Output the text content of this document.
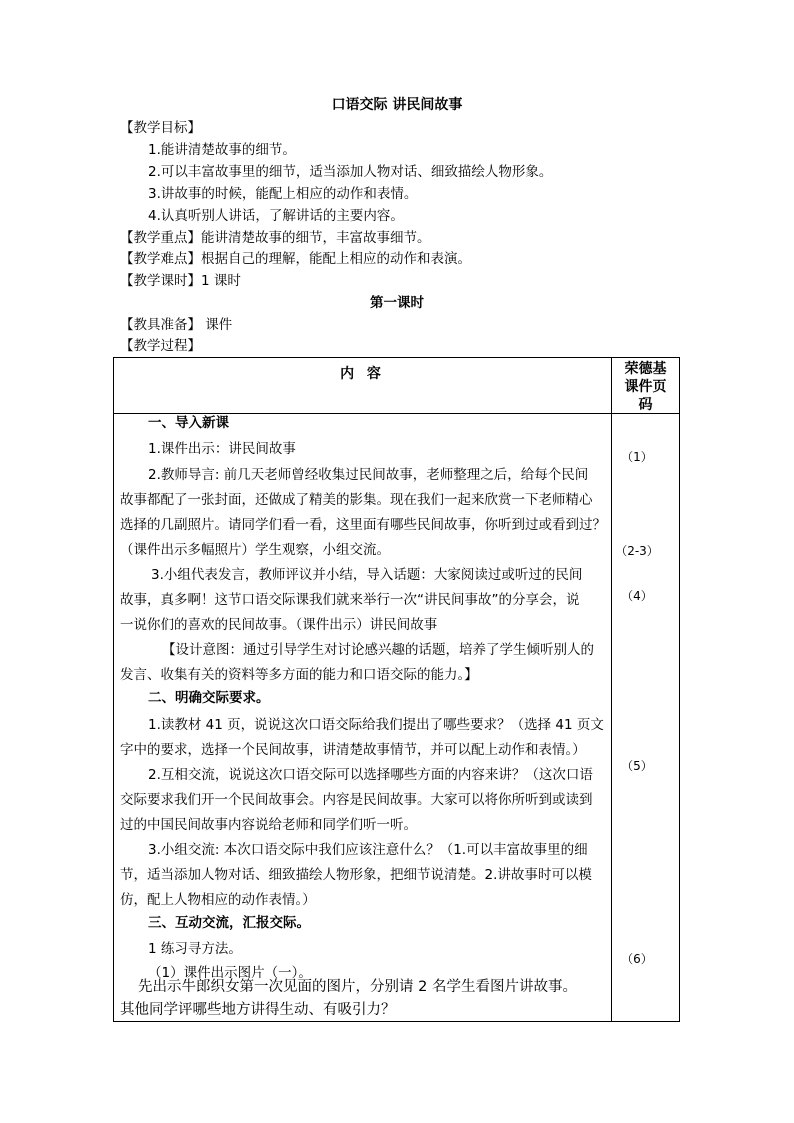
口语交际 讲民间故事
【教学目标】
1.能讲清楚故事的细节。
2.可以丰富故事里的细节，适当添加人物对话、细致描绘人物形象。
3.讲故事的时候，能配上相应的动作和表情。
4.认真听别人讲话，了解讲话的主要内容。
【教学重点】能讲清楚故事的细节，丰富故事细节。
【教学难点】根据自己的理解，能配上相应的动作和表演。
【教学课时】1 课时
第一课时
【教具准备】 课件
【教学过程】
内 容	荣德基
课件页
码
一、导入新课
1.课件出示：讲民间故事
2.教师导言: 前几天老师曾经收集过民间故事，老师整理之后，给每个民间
故事都配了一张封面，还做成了精美的影集。现在我们一起来欣赏一下老师精心
选择的几副照片。请同学们看一看，这里面有哪些民间故事，你听到过或看到过？
（课件出示多幅照片）学生观察，小组交流。
3.小组代表发言，教师评议并小结，导入话题：大家阅读过或听过的民间
故事，真多啊！这节口语交际课我们就来举行一次“讲民间事故”的分享会，说
一说你们的喜欢的民间故事。（课件出示）讲民间故事
【设计意图：通过引导学生对讨论感兴趣的话题，培养了学生倾听别人的
发言、收集有关的资料等多方面的能力和口语交际的能力。】
二、明确交际要求。
1.读教材 41 页，说说这次口语交际给我们提出了哪些要求？（选择 41 页文
字中的要求，选择一个民间故事，讲清楚故事情节，并可以配上动作和表情。）
2.互相交流，说说这次口语交际可以选择哪些方面的内容来讲？（这次口语
交际要求我们开一个民间故事会。内容是民间故事。大家可以将你所听到或读到
过的中国民间故事内容说给老师和同学们听一听。
3.小组交流: 本次口语交际中我们应该注意什么？（1.可以丰富故事里的细
节，适当添加人物对话、细致描绘人物形象，把细节说清楚。2.讲故事时可以模
仿，配上人物相应的动作表情。）
三、互动交流，汇报交际。
1 练习寻方法。
（1）课件出示图片（一）。
先出示牛郎织女第一次见面的图片，分别请 2 名学生看图片讲故事。
其他同学评哪些地方讲得生动、有吸引力？
（1）
（2-3）
（4）
（5）
（6）
